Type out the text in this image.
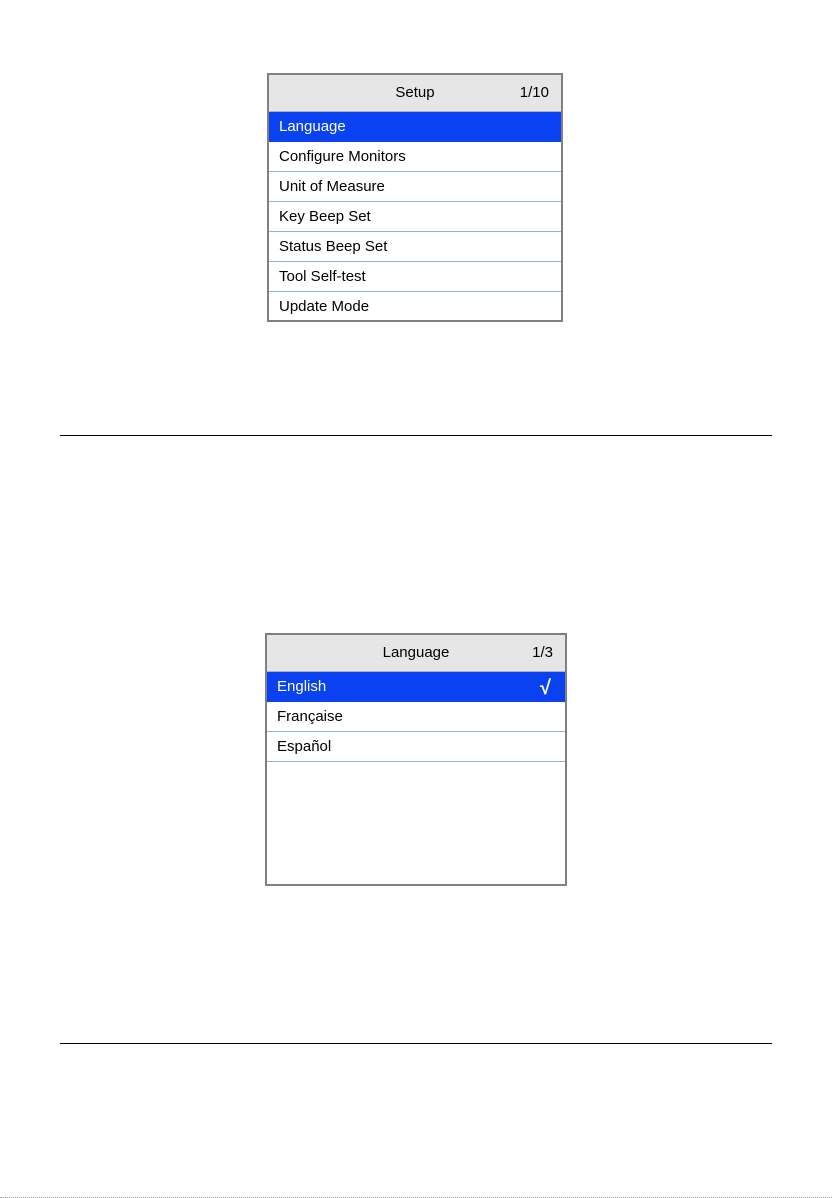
Setup	1/10
Language
Configure Monitors
Unit of Measure
Key Beep Set
Status Beep Set
Tool Self-test
Update Mode
Language	1/3
English	√
Française
Español
